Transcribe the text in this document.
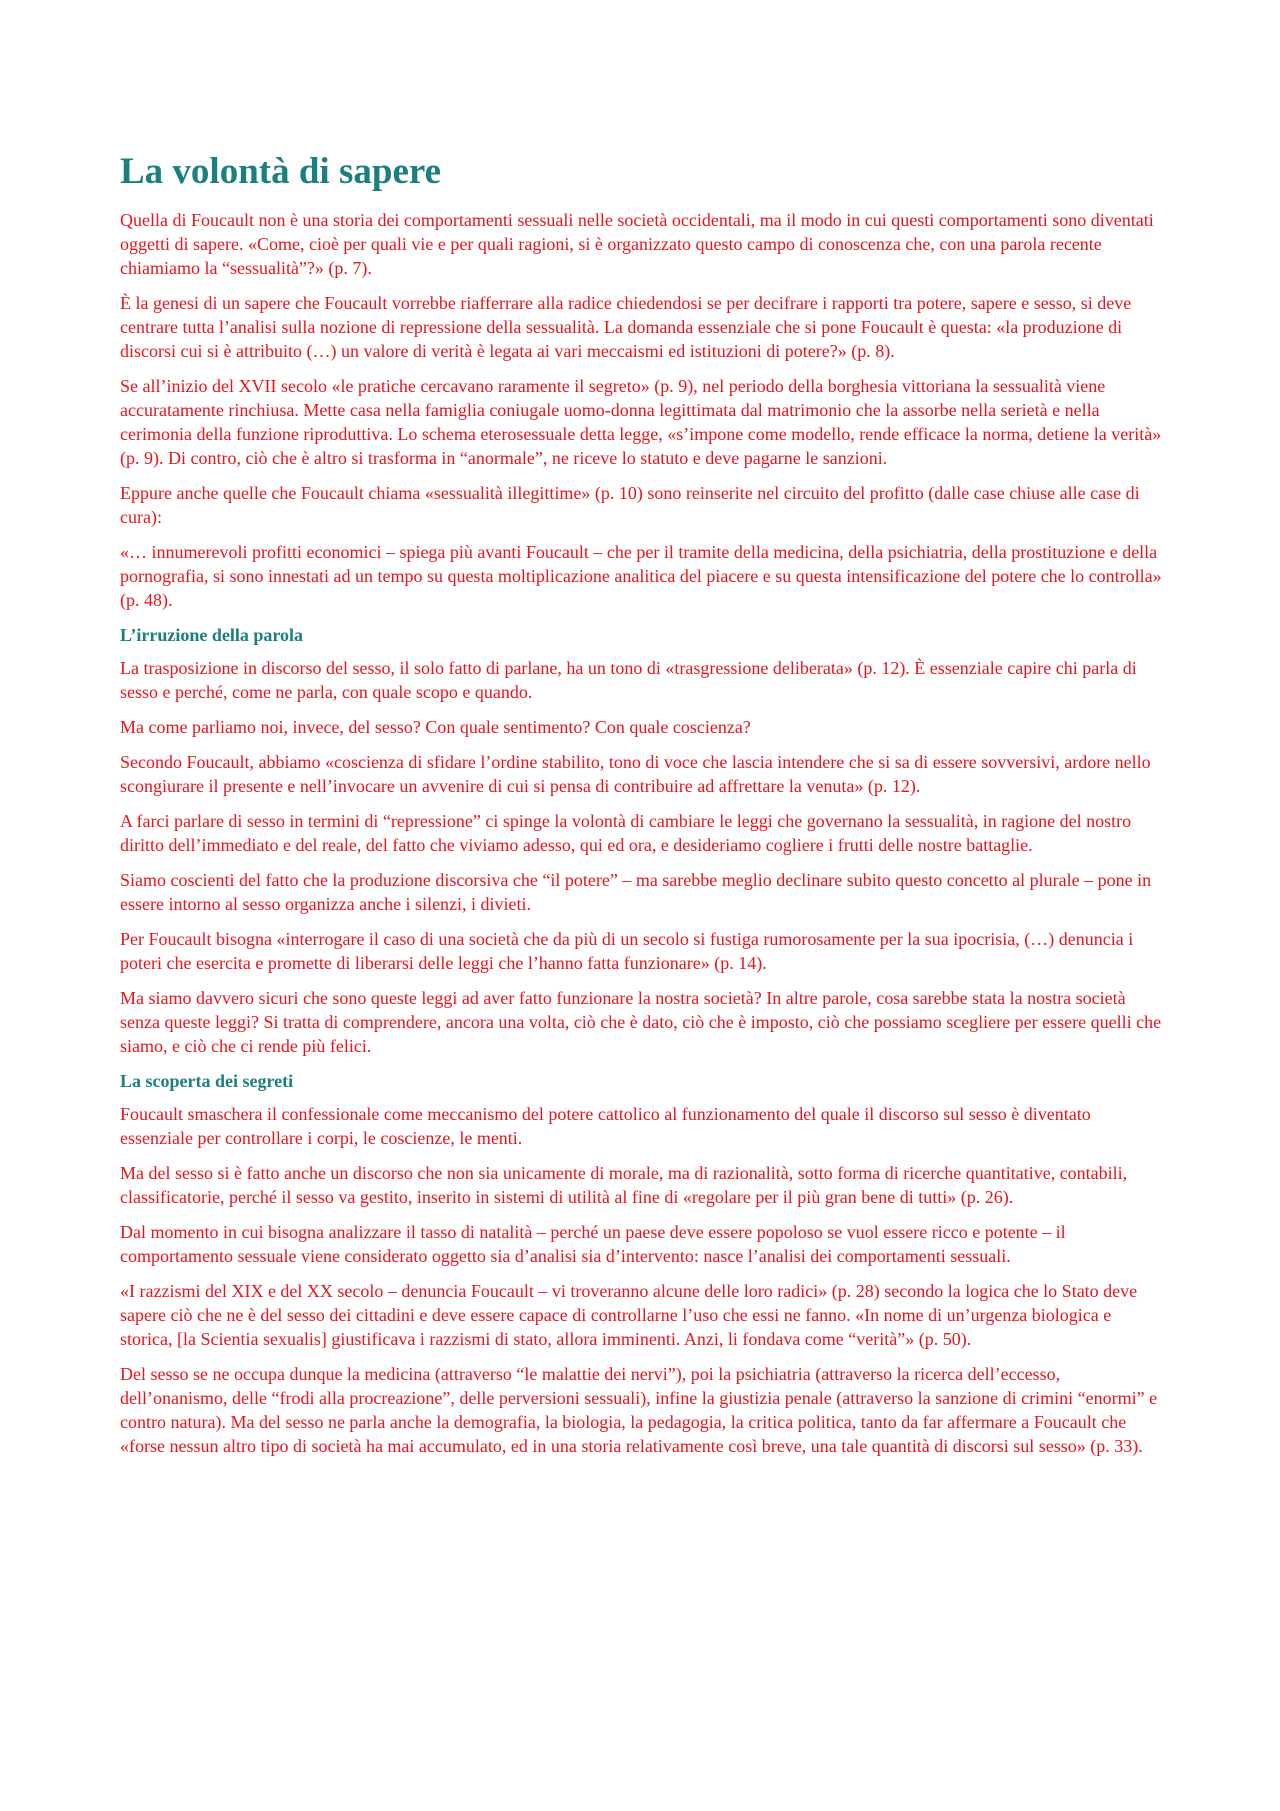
La volontà di sapere

Quella di Foucault non è una storia dei comportamenti sessuali nelle società occidentali, ma il modo in cui questi comportamenti sono diventati oggetti di sapere. «Come, cioè per quali vie e per quali ragioni, si è organizzato questo campo di conoscenza che, con una parola recente chiamiamo la “sessualità”?» (p. 7).

È la genesi di un sapere che Foucault vorrebbe riafferrare alla radice chiedendosi se per decifrare i rapporti tra potere, sapere e sesso, si deve centrare tutta l’analisi sulla nozione di repressione della sessualità. La domanda essenziale che si pone Foucault è questa: «la produzione di discorsi cui si è attribuito (…) un valore di verità è legata ai vari meccaismi ed istituzioni di potere?» (p. 8).

Se all’inizio del XVII secolo «le pratiche cercavano raramente il segreto» (p. 9), nel periodo della borghesia vittoriana la sessualità viene accuratamente rinchiusa. Mette casa nella famiglia coniugale uomo-donna legittimata dal matrimonio che la assorbe nella serietà e nella cerimonia della funzione riproduttiva. Lo schema eterosessuale detta legge, «s’impone come modello, rende efficace la norma, detiene la verità» (p. 9). Di contro, ciò che è altro si trasforma in “anormale”, ne riceve lo statuto e deve pagarne le sanzioni.

Eppure anche quelle che Foucault chiama «sessualità illegittime» (p. 10) sono reinserite nel circuito del profitto (dalle case chiuse alle case di cura):

«… innumerevoli profitti economici – spiega più avanti Foucault – che per il tramite della medicina, della psichiatria, della prostituzione e della pornografia, si sono innestati ad un tempo su questa moltiplicazione analitica del piacere e su questa intensificazione del potere che lo controlla» (p. 48).

L’irruzione della parola

La trasposizione in discorso del sesso, il solo fatto di parlane, ha un tono di «trasgressione deliberata» (p. 12). È essenziale capire chi parla di sesso e perché, come ne parla, con quale scopo e quando.

Ma come parliamo noi, invece, del sesso? Con quale sentimento? Con quale coscienza?

Secondo Foucault, abbiamo «coscienza di sfidare l’ordine stabilito, tono di voce che lascia intendere che si sa di essere sovversivi, ardore nello scongiurare il presente e nell’invocare un avvenire di cui si pensa di contribuire ad affrettare la venuta» (p. 12).

A farci parlare di sesso in termini di “repressione” ci spinge la volontà di cambiare le leggi che governano la sessualità, in ragione del nostro diritto dell’immediato e del reale, del fatto che viviamo adesso, qui ed ora, e desideriamo cogliere i frutti delle nostre battaglie.

Siamo coscienti del fatto che la produzione discorsiva che “il potere” – ma sarebbe meglio declinare subito questo concetto al plurale – pone in essere intorno al sesso organizza anche i silenzi, i divieti.

Per Foucault bisogna «interrogare il caso di una società che da più di un secolo si fustiga rumorosamente per la sua ipocrisia, (…) denuncia i poteri che esercita e promette di liberarsi delle leggi che l’hanno fatta funzionare» (p. 14).

Ma siamo davvero sicuri che sono queste leggi ad aver fatto funzionare la nostra società? In altre parole, cosa sarebbe stata la nostra società senza queste leggi? Si tratta di comprendere, ancora una volta, ciò che è dato, ciò che è imposto, ciò che possiamo scegliere per essere quelli che siamo, e ciò che ci rende più felici.

La scoperta dei segreti

Foucault smaschera il confessionale come meccanismo del potere cattolico al funzionamento del quale il discorso sul sesso è diventato essenziale per controllare i corpi, le coscienze, le menti.

Ma del sesso si è fatto anche un discorso che non sia unicamente di morale, ma di razionalità, sotto forma di ricerche quantitative, contabili, classificatorie, perché il sesso va gestito, inserito in sistemi di utilità al fine di «regolare per il più gran bene di tutti» (p. 26).

Dal momento in cui bisogna analizzare il tasso di natalità – perché un paese deve essere popoloso se vuol essere ricco e potente – il comportamento sessuale viene considerato oggetto sia d’analisi sia d’intervento: nasce l’analisi dei comportamenti sessuali.

«I razzismi del XIX e del XX secolo – denuncia Foucault – vi troveranno alcune delle loro radici» (p. 28) secondo la logica che lo Stato deve sapere ciò che ne è del sesso dei cittadini e deve essere capace di controllarne l’uso che essi ne fanno. «In nome di un’urgenza biologica e storica, [la Scientia sexualis] giustificava i razzismi di stato, allora imminenti. Anzi, li fondava come “verità”» (p. 50).

Del sesso se ne occupa dunque la medicina (attraverso “le malattie dei nervi”), poi la psichiatria (attraverso la ricerca dell’eccesso, dell’onanismo, delle “frodi alla procreazione”, delle perversioni sessuali), infine la giustizia penale (attraverso la sanzione di crimini “enormi” e contro natura). Ma del sesso ne parla anche la demografia, la biologia, la pedagogia, la critica politica, tanto da far affermare a Foucault che «forse nessun altro tipo di società ha mai accumulato, ed in una storia relativamente così breve, una tale quantità di discorsi sul sesso» (p. 33).
